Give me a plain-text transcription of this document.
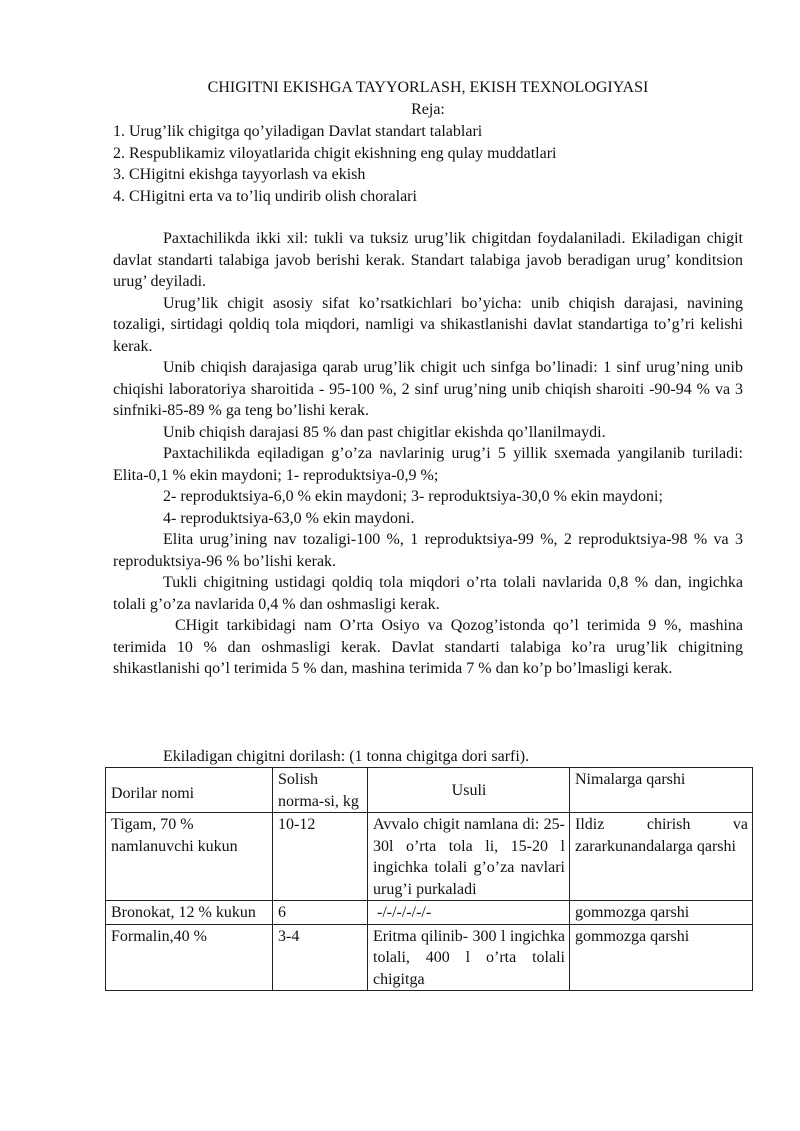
CHIGITNI EKISHGA TAYYORLASH, EKISH TEXNOLOGIYASI
Reja:
1. Urug’lik chigitga qo’yiladigan Davlat standart talablari
2. Respublikamiz viloyatlarida chigit ekishning eng qulay muddatlari
3. CHigitni ekishga tayyorlash va ekish
4. CHigitni erta va to’liq undirib olish choralari

Paxtachilikda ikki xil: tukli va tuksiz urug’lik chigitdan foydalaniladi. Ekiladigan chigit davlat standarti talabiga javob berishi kerak. Standart talabiga javob beradigan urug’ konditsion urug’ deyiladi.

Urug’lik chigit asosiy sifat ko’rsatkichlari bo’yicha: unib chiqish darajasi, navining tozaligi, sirtidagi qoldiq tola miqdori, namligi va shikastlanishi davlat standartiga to’g’ri kelishi kerak.

Unib chiqish darajasiga qarab urug’lik chigit uch sinfga bo’linadi: 1 sinf urug’ning unib chiqishi laboratoriya sharoitida - 95-100 %, 2 sinf urug’ning unib chiqish sharoiti -90-94 % va 3 sinfniki-85-89 % ga teng bo’lishi kerak.

Unib chiqish darajasi 85 % dan past chigitlar ekishda qo’llanilmaydi.

Paxtachilikda eqiladigan g’o’za navlarinig urug’i 5 yillik sxemada yangilanib turiladi: Elita-0,1 % ekin maydoni; 1- reproduktsiya-0,9 %;

2- reproduktsiya-6,0 % ekin maydoni; 3- reproduktsiya-30,0 % ekin maydoni;

4- reproduktsiya-63,0 % ekin maydoni.

Elita urug’ining nav tozaligi-100 %, 1 reproduktsiya-99 %, 2 reproduktsiya-98 % va 3 reproduktsiya-96 % bo’lishi kerak.

Tukli chigitning ustidagi qoldiq tola miqdori o’rta tolali navlarida 0,8 % dan, ingichka tolali g’o’za navlarida 0,4 % dan oshmasligi kerak.

CHigit tarkibidagi nam O’rta Osiyo va Qozog’istonda qo’l terimida 9 %, mashina terimida 10 % dan oshmasligi kerak. Davlat standarti talabiga ko’ra urug’lik chigitning shikastlanishi qo’l terimida 5 % dan, mashina terimida 7 % dan ko’p bo’lmasligi kerak.

Ekiladigan chigitni dorilash: (1 tonna chigitga dori sarfi).
Dorilar nomi	Solish norma-si, kg	Usuli	Nimalarga qarshi
Tigam, 70 % namlanuvchi kukun	10-12	Avvalo chigit namlana di: 25-30l o’rta tola li, 15-20 l ingichka tolali g’o’za navlari urug’i purkaladi	Ildiz chirish va zararkunandalarga qarshi
Bronokat, 12 % kukun	6	-/-/-/-/-/-	gommozga qarshi
Formalin,40 %	3-4	Eritma qilinib- 300 l ingichka tolali, 400 l o’rta tolali chigitga	gommozga qarshi
